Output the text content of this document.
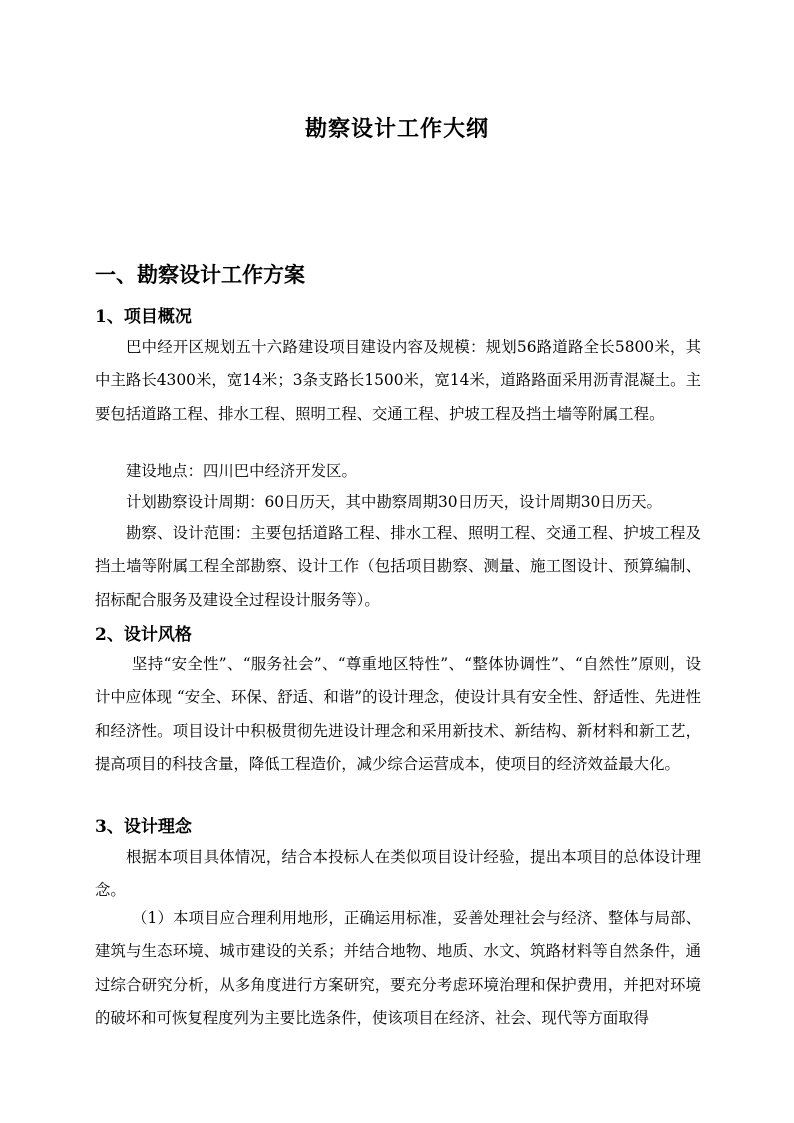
勘察设计工作大纲
一、勘察设计工作方案
1、项目概况

巴中经开区规划五十六路建设项目建设内容及规模：规划56路道路全长5800米，其中主路长4300米，宽14米；3条支路长1500米，宽14米，道路路面采用沥青混凝土。主要包括道路工程、排水工程、照明工程、交通工程、护坡工程及挡土墙等附属工程。

建设地点：四川巴中经济开发区。

计划勘察设计周期：60日历天，其中勘察周期30日历天，设计周期30日历天。

勘察、设计范围：主要包括道路工程、排水工程、照明工程、交通工程、护坡工程及挡土墙等附属工程全部勘察、设计工作（包括项目勘察、测量、施工图设计、预算编制、招标配合服务及建设全过程设计服务等）。

2、设计风格

坚持“安全性”、“服务社会”、“尊重地区特性”、“整体协调性”、“自然性”原则，设计中应体现 “安全、环保、舒适、和谐”的设计理念，使设计具有安全性、舒适性、先进性和经济性。项目设计中积极贯彻先进设计理念和采用新技术、新结构、新材料和新工艺，提高项目的科技含量，降低工程造价，减少综合运营成本，使项目的经济效益最大化。

3、设计理念

根据本项目具体情况，结合本投标人在类似项目设计经验，提出本项目的总体设计理念。

（1）本项目应合理利用地形，正确运用标准，妥善处理社会与经济、整体与局部、建筑与生态环境、城市建设的关系；并结合地物、地质、水文、筑路材料等自然条件，通过综合研究分析，从多角度进行方案研究，要充分考虑环境治理和保护费用，并把对环境的破坏和可恢复程度列为主要比选条件，使该项目在经济、社会、现代等方面取得
